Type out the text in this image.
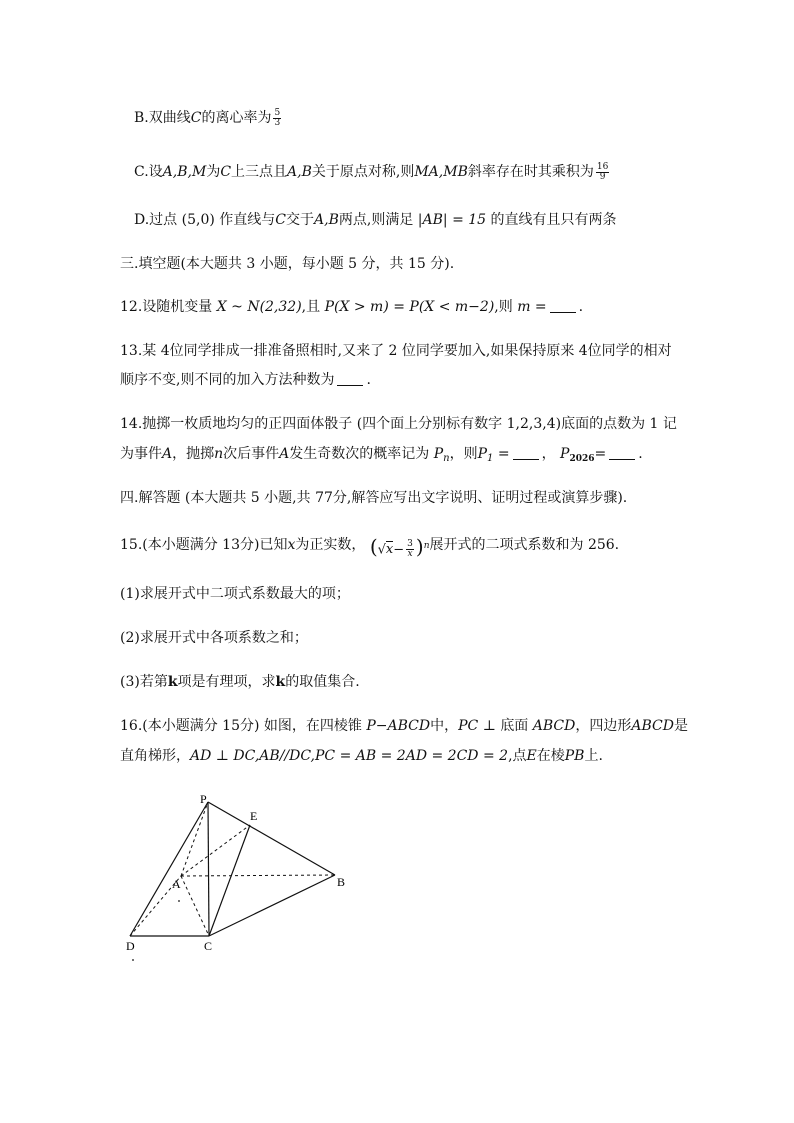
B.双曲线C的离心率为 $\frac{5}{3}$
C.设A,B,M为C上三点且A,B关于原点对称,则MA,MB斜率存在时其乘积为 $\frac{16}{9}$
D.过点 (5,0) 作直线与C交于A,B两点,则满足 |AB| = 15 的直线有且只有两条
三.填空题(本大题共 3 小题，每小题 5 分，共 15 分).
12.设随机变量 X ~ N(2,32),且 P(X > m) = P(X < m−2),则 m = .
13.某 4位同学排成一排准备照相时,又来了 2 位同学要加入,如果保持原来 4位同学的相对
顺序不变,则不同的加入方法种数为 .
14.抛掷一枚质地均匀的正四面体骰子 (四个面上分别标有数字 1,2,3,4)底面的点数为 1 记
为事件A，抛掷n次后事件A发生奇数次的概率记为 $P_n$，则$P_1$ = ， $P_{2026}=$ .
四.解答题 (本大题共 5 小题,共 77分,解答应写出文字说明、证明过程或演算步骤).
15.(本小题满分 13分)已知x为正实数， $(√x- \frac{3}{x} )^n$展开式的二项式系数和为 256.
(1)求展开式中二项式系数最大的项；
(2)求展开式中各项系数之和；
(3)若第k项是有理项，求k的取值集合.
16.(本小题满分 15分) 如图，在四棱锥 P−ABCD中，PC ⊥ 底面 ABCD，四边形ABCD是
直角梯形，AD ⊥ DC,AB//DC,PC = AB = 2AD = 2CD = 2,点E在棱PB上.
P
E
A	B
C
D
